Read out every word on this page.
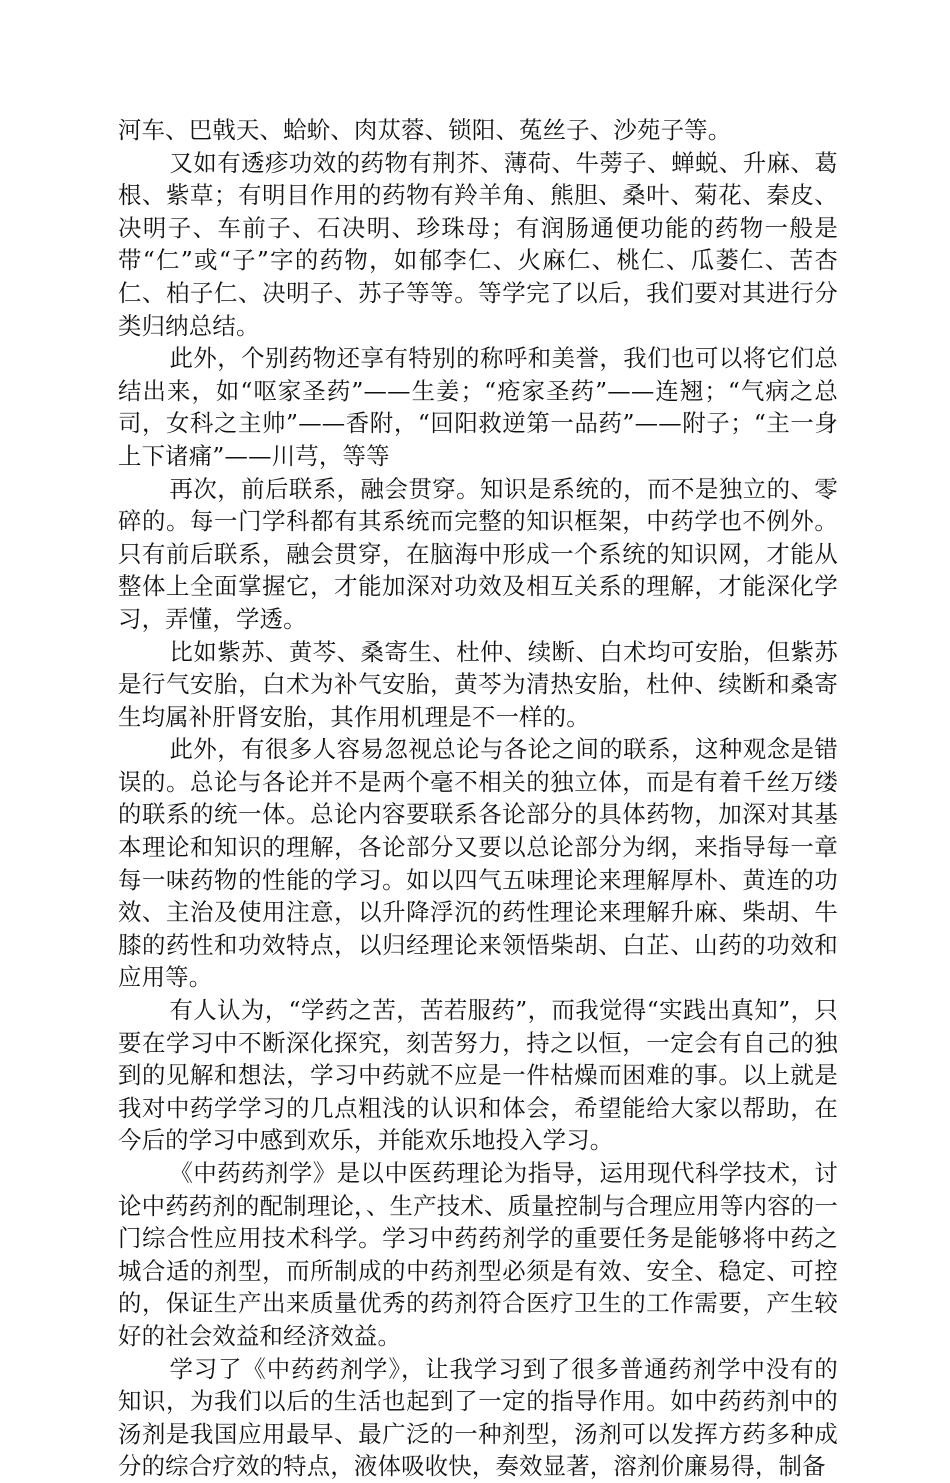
河车、巴戟天、蛤蚧、肉苁蓉、锁阳、菟丝子、沙苑子等。

又如有透疹功效的药物有荆芥、薄荷、牛蒡子、蝉蜕、升麻、葛根、紫草；有明目作用的药物有羚羊角、熊胆、桑叶、菊花、秦皮、决明子、车前子、石决明、珍珠母；有润肠通便功能的药物一般是带“仁”或“子”字的药物，如郁李仁、火麻仁、桃仁、瓜蒌仁、苦杏仁、柏子仁、决明子、苏子等等。等学完了以后，我们要对其进行分类归纳总结。

此外，个别药物还享有特别的称呼和美誉，我们也可以将它们总结出来，如“呕家圣药”——生姜；“疮家圣药”——连翘；“气病之总司，女科之主帅”——香附，“回阳救逆第一品药”——附子；“主一身上下诸痛”——川芎，等等

再次，前后联系，融会贯穿。知识是系统的，而不是独立的、零碎的。每一门学科都有其系统而完整的知识框架，中药学也不例外。只有前后联系，融会贯穿，在脑海中形成一个系统的知识网，才能从整体上全面掌握它，才能加深对功效及相互关系的理解，才能深化学习，弄懂，学透。

比如紫苏、黄芩、桑寄生、杜仲、续断、白术均可安胎，但紫苏是行气安胎，白术为补气安胎，黄芩为清热安胎，杜仲、续断和桑寄生均属补肝肾安胎，其作用机理是不一样的。

此外，有很多人容易忽视总论与各论之间的联系，这种观念是错误的。总论与各论并不是两个毫不相关的独立体，而是有着千丝万缕的联系的统一体。总论内容要联系各论部分的具体药物，加深对其基本理论和知识的理解，各论部分又要以总论部分为纲，来指导每一章每一味药物的性能的学习。如以四气五味理论来理解厚朴、黄连的功效、主治及使用注意，以升降浮沉的药性理论来理解升麻、柴胡、牛膝的药性和功效特点，以归经理论来领悟柴胡、白芷、山药的功效和应用等。

有人认为，“学药之苦，苦若服药”，而我觉得“实践出真知”，只要在学习中不断深化探究，刻苦努力，持之以恒，一定会有自己的独到的见解和想法，学习中药就不应是一件枯燥而困难的事。以上就是我对中药学学习的几点粗浅的认识和体会，希望能给大家以帮助，在今后的学习中感到欢乐，并能欢乐地投入学习。

《中药药剂学》是以中医药理论为指导，运用现代科学技术，讨论中药药剂的配制理论，、生产技术、质量控制与合理应用等内容的一门综合性应用技术科学。学习中药药剂学的重要任务是能够将中药之城合适的剂型，而所制成的中药剂型必须是有效、安全、稳定、可控的，保证生产出来质量优秀的药剂符合医疗卫生的工作需要，产生较好的社会效益和经济效益。

学习了《中药药剂学》，让我学习到了很多普通药剂学中没有的知识，为我们以后的生活也起到了一定的指导作用。如中药药剂中的汤剂是我国应用最早、最广泛的一种剂型，汤剂可以发挥方药多种成分的综合疗效的特点，液体吸收快，奏效显著，溶剂价廉易得，制备
